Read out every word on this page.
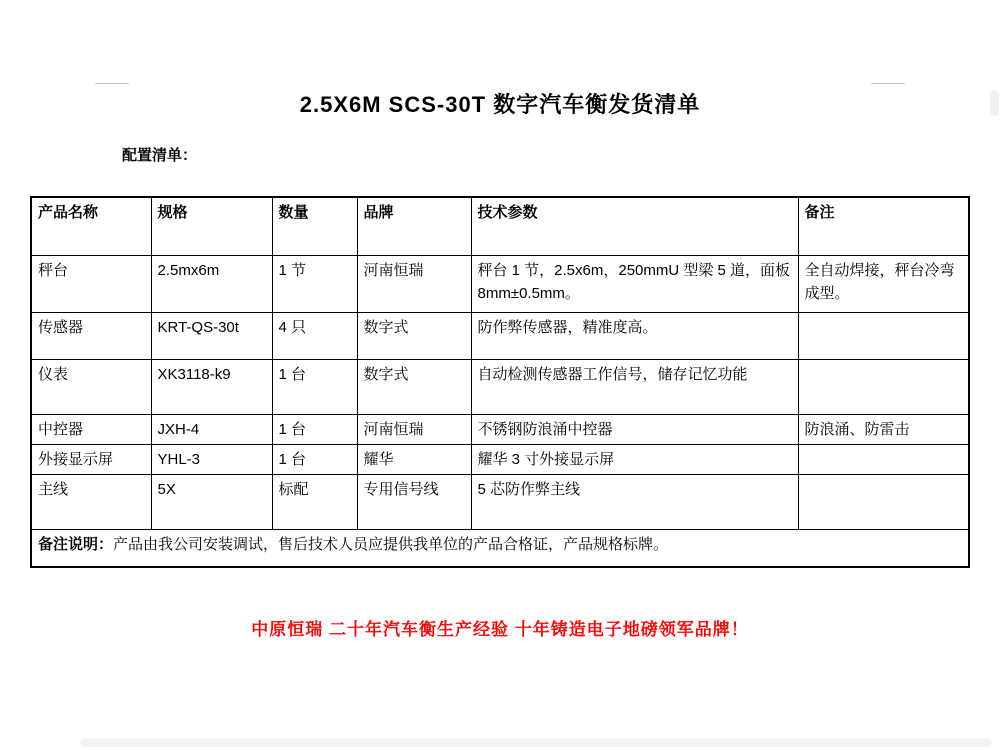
2.5X6M SCS-30T 数字汽车衡发货清单
配置清单：
产品名称	规格	数量	品牌	技术参数	备注
秤台	2.5mx6m	1 节	河南恒瑞	秤台 1 节，2.5x6m，250mmU 型梁 5 道，面板 8mm±0.5mm。	全自动焊接，秤台冷弯成型。
传感器	KRT-QS-30t	4 只	数字式	防作弊传感器，精准度高。	
仪表	XK3118-k9	1 台	数字式	自动检测传感器工作信号，储存记忆功能	
中控器	JXH-4	1 台	河南恒瑞	不锈钢防浪涌中控器	防浪涌、防雷击
外接显示屏	YHL-3	1 台	耀华	耀华 3 寸外接显示屏	
主线	5X	标配	专用信号线	5 芯防作弊主线	
备注说明：产品由我公司安装调试，售后技术人员应提供我单位的产品合格证，产品规格标牌。					
中原恒瑞 二十年汽车衡生产经验 十年铸造电子地磅领军品牌！
